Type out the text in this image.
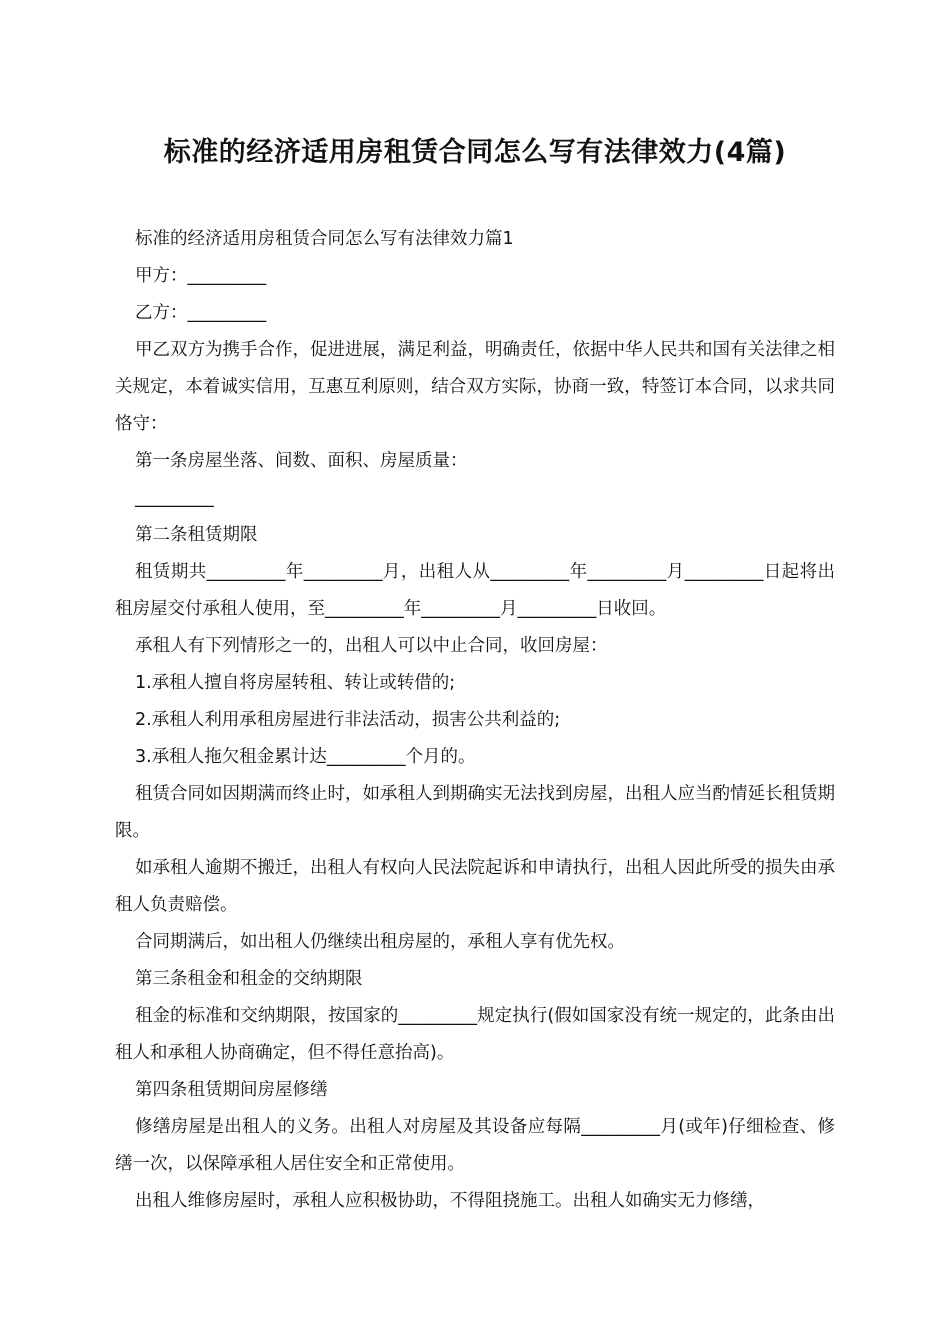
标准的经济适用房租赁合同怎么写有法律效力(4篇)

标准的经济适用房租赁合同怎么写有法律效力篇1

甲方：_________

乙方：_________

甲乙双方为携手合作，促进进展，满足利益，明确责任，依据中华人民共和国有关法律之相关规定，本着诚实信用，互惠互利原则，结合双方实际，协商一致，特签订本合同，以求共同恪守：

第一条房屋坐落、间数、面积、房屋质量：

_________

第二条租赁期限

租赁期共_________年_________月，出租人从_________年_________月_________日起将出租房屋交付承租人使用，至_________年_________月_________日收回。

承租人有下列情形之一的，出租人可以中止合同，收回房屋：

1.承租人擅自将房屋转租、转让或转借的;

2.承租人利用承租房屋进行非法活动，损害公共利益的;

3.承租人拖欠租金累计达_________个月的。

租赁合同如因期满而终止时，如承租人到期确实无法找到房屋，出租人应当酌情延长租赁期限。

如承租人逾期不搬迁，出租人有权向人民法院起诉和申请执行，出租人因此所受的损失由承租人负责赔偿。

合同期满后，如出租人仍继续出租房屋的，承租人享有优先权。

第三条租金和租金的交纳期限

租金的标准和交纳期限，按国家的_________规定执行(假如国家没有统一规定的，此条由出租人和承租人协商确定，但不得任意抬高)。

第四条租赁期间房屋修缮

修缮房屋是出租人的义务。出租人对房屋及其设备应每隔_________月(或年)仔细检查、修缮一次，以保障承租人居住安全和正常使用。

出租人维修房屋时，承租人应积极协助，不得阻挠施工。出租人如确实无力修缮，
